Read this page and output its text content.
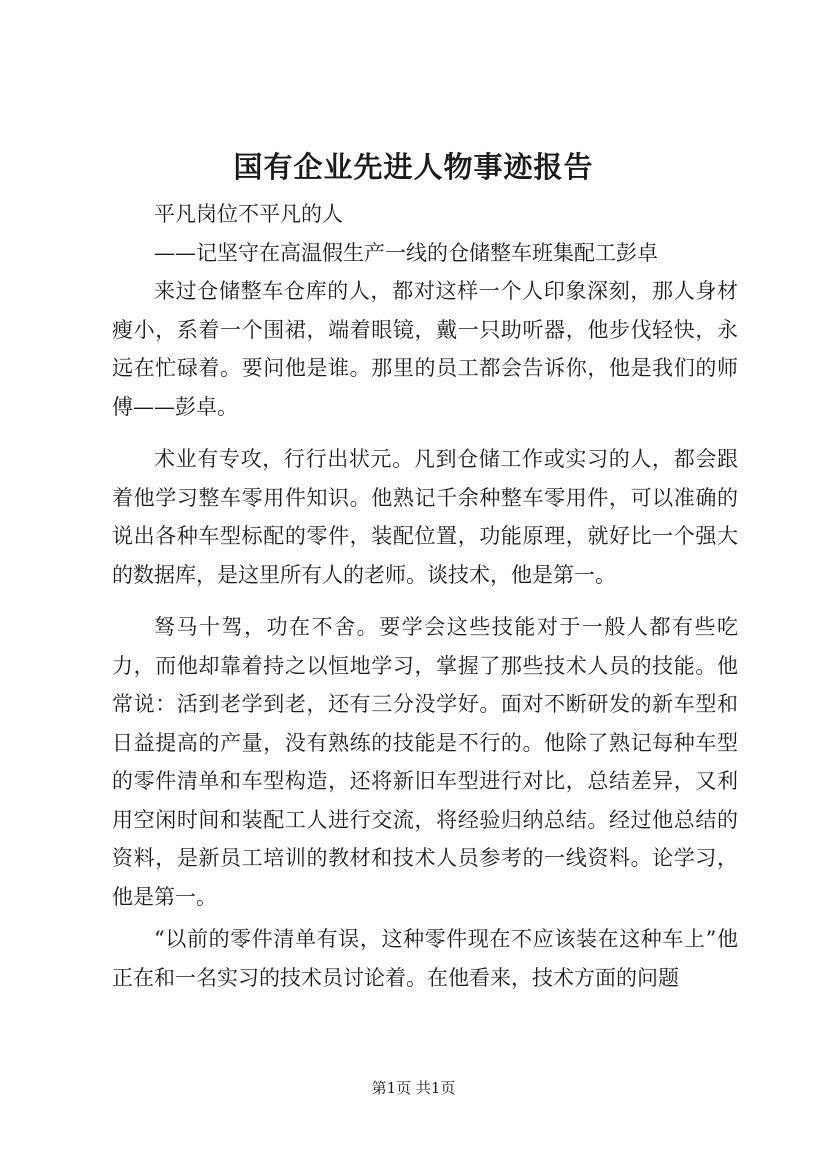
国有企业先进人物事迹报告

平凡岗位不平凡的人

——记坚守在高温假生产一线的仓储整车班集配工彭卓

来过仓储整车仓库的人，都对这样一个人印象深刻，那人身材瘦小，系着一个围裙，端着眼镜，戴一只助听器，他步伐轻快，永远在忙碌着。要问他是谁。那里的员工都会告诉你，他是我们的师傅——彭卓。

术业有专攻，行行出状元。凡到仓储工作或实习的人，都会跟着他学习整车零用件知识。他熟记千余种整车零用件，可以准确的说出各种车型标配的零件，装配位置，功能原理，就好比一个强大的数据库，是这里所有人的老师。谈技术，他是第一。

驽马十驾，功在不舍。要学会这些技能对于一般人都有些吃力，而他却靠着持之以恒地学习，掌握了那些技术人员的技能。他常说：活到老学到老，还有三分没学好。面对不断研发的新车型和日益提高的产量，没有熟练的技能是不行的。他除了熟记每种车型的零件清单和车型构造，还将新旧车型进行对比，总结差异，又利用空闲时间和装配工人进行交流，将经验归纳总结。经过他总结的资料，是新员工培训的教材和技术人员参考的一线资料。论学习，他是第一。

“以前的零件清单有误，这种零件现在不应该装在这种车上”他正在和一名实习的技术员讨论着。在他看来，技术方面的问题

第1页 共1页
